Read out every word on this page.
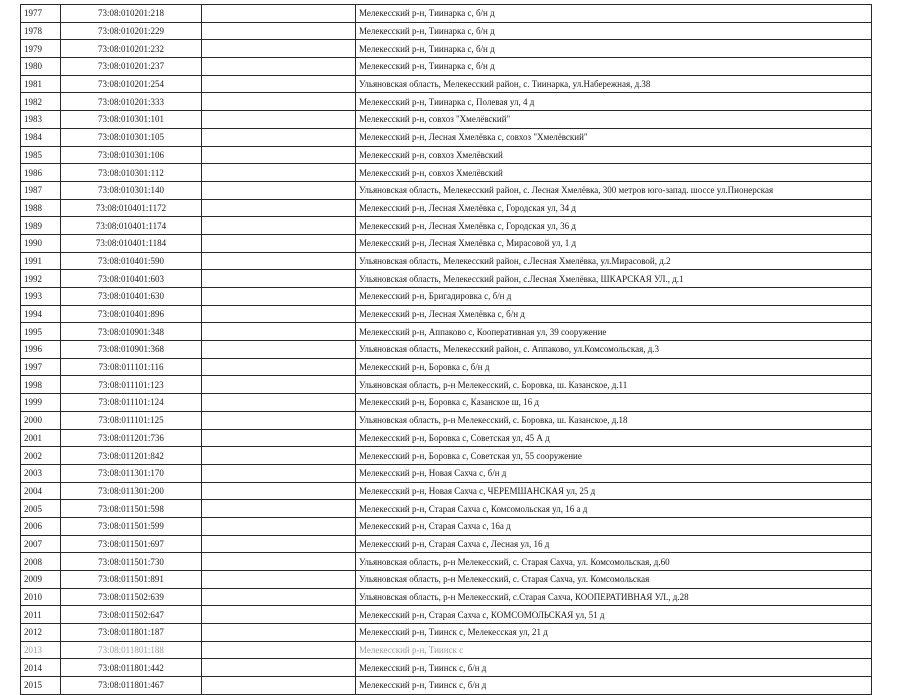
1977	73:08:010201:218		Мелекесский р-н, Тиинарка с, б/н д
1978	73:08:010201:229		Мелекесский р-н, Тиинарка с, б/н д
1979	73:08:010201:232		Мелекесский р-н, Тиинарка с, б/н д
1980	73:08:010201:237		Мелекесский р-н, Тиинарка с, б/н д
1981	73:08:010201:254		Ульяновская область, Мелекесский район, с. Тиинарка, ул.Набережная, д.38
1982	73:08:010201:333		Мелекесский р-н, Тиинарка с, Полевая ул, 4 д
1983	73:08:010301:101		Мелекесский р-н, совхоз "Хмелёвский"
1984	73:08:010301:105		Мелекесский р-н, Лесная Хмелёвка с, совхоз "Хмелёвский"
1985	73:08:010301:106		Мелекесский р-н, совхоз Хмелёвский
1986	73:08:010301:112		Мелекесский р-н, совхоз Хмелёвский
1987	73:08:010301:140		Ульяновская область, Мелекесский район, с. Лесная Хмелёвка, 300 метров юго-запад. шоссе ул.Пионерская
1988	73:08:010401:1172		Мелекесский р-н, Лесная Хмелёвка с, Городская ул, 34 д
1989	73:08:010401:1174		Мелекесский р-н, Лесная Хмелёвка с, Городская ул, 36 д
1990	73:08:010401:1184		Мелекесский р-н, Лесная Хмелёвка с, Мирасовой ул, 1 д
1991	73:08:010401:590		Ульяновская область, Мелекесский район, с.Лесная Хмелёвка, ул.Мирасовой, д.2
1992	73:08:010401:603		Ульяновская область, Мелекесский район, с.Лесная Хмелёвка, ШКАРСКАЯ УЛ., д.1
1993	73:08:010401:630		Мелекесский р-н, Бригадировка с, б/н д
1994	73:08:010401:896		Мелекесский р-н, Лесная Хмелёвка с, б/н д
1995	73:08:010901:348		Мелекесский р-н, Аппаково с, Кооперативная ул, 39 сооружение
1996	73:08:010901:368		Ульяновская область, Мелекесский район, с. Аппаково, ул.Комсомольская, д.3
1997	73:08:011101:116		Мелекесский р-н, Боровка с, б/н д
1998	73:08:011101:123		Ульяновская область, р-н Мелекесский, с. Боровка, ш. Казанское, д.11
1999	73:08:011101:124		Мелекесский р-н, Боровка с, Казанское ш, 16 д
2000	73:08:011101:125		Ульяновская область, р-н Мелекесский, с. Боровка, ш. Казанское, д.18
2001	73:08:011201:736		Мелекесский р-н, Боровка с, Советская ул, 45 А д
2002	73:08:011201:842		Мелекесский р-н, Боровка с, Советская ул, 55 сооружение
2003	73:08:011301:170		Мелекесский р-н, Новая Сахча с, б/н д
2004	73:08:011301:200		Мелекесский р-н, Новая Сахча с, ЧЕРЕМШАНСКАЯ ул, 25 д
2005	73:08:011501:598		Мелекесский р-н, Старая Сахча с, Комсомольская ул, 16 а д
2006	73:08:011501:599		Мелекесский р-н, Старая Сахча с, 16а д
2007	73:08:011501:697		Мелекесский р-н, Старая Сахча с, Лесная ул, 16 д
2008	73:08:011501:730		Ульяновская область, р-н Мелекесский, с. Старая Сахча, ул. Комсомольская, д.60
2009	73:08:011501:891		Ульяновская область, р-н Мелекесский, с. Старая Сахча, ул. Комсомольская
2010	73:08:011502:639		Ульяновская область, р-н Мелекесский, с.Старая Сахча, КООПЕРАТИВНАЯ УЛ., д.28
2011	73:08:011502:647		Мелекесский р-н, Старая Сахча с, КОМСОМОЛЬСКАЯ ул, 51 д
2012	73:08:011801:187		Мелекесский р-н, Тиинск с, Мелекесская ул, 21 д
2013	73:08:011801:188		Мелекесский р-н, Тиинск с
2014	73:08:011801:442		Мелекесский р-н, Тиинск с, б/н д
2015	73:08:011801:467		Мелекесский р-н, Тиинск с, б/н д
